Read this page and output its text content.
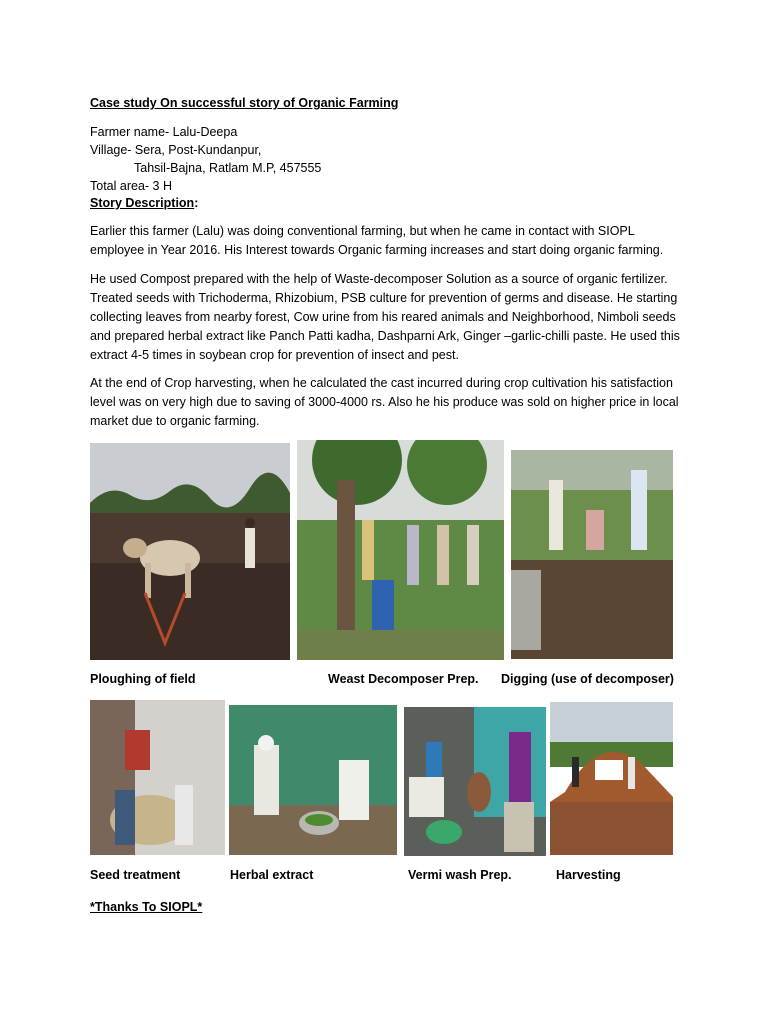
Case study On successful story of Organic Farming
Farmer name- Lalu-Deepa
Village- Sera, Post-Kundanpur,
Tahsil-Bajna, Ratlam M.P, 457555
Total area- 3 H
Story Description:
Earlier this farmer (Lalu) was doing conventional farming, but when he came in contact with SIOPL employee in Year 2016. His Interest towards Organic farming increases and start doing organic farming.
He used Compost prepared with the help of Waste-decomposer Solution as a source of organic fertilizer. Treated seeds with Trichoderma, Rhizobium, PSB culture for prevention of germs and disease. He starting collecting leaves from nearby forest, Cow urine from his reared animals and Neighborhood, Nimboli seeds and prepared herbal extract like Panch Patti kadha, Dashparni Ark, Ginger –garlic-chilli paste. He used this extract 4-5 times in soybean crop for prevention of insect and pest.
At the end of Crop harvesting, when he calculated the cast incurred during crop cultivation his satisfaction level was on very high due to saving of 3000-4000 rs. Also he his produce was sold on higher price in local market due to organic farming.
Ploughing of field	Weast Decomposer Prep. Digging (use of decomposer)
Seed treatment	Herbal extract	Vermi wash Prep.	Harvesting
*Thanks To SIOPL*
